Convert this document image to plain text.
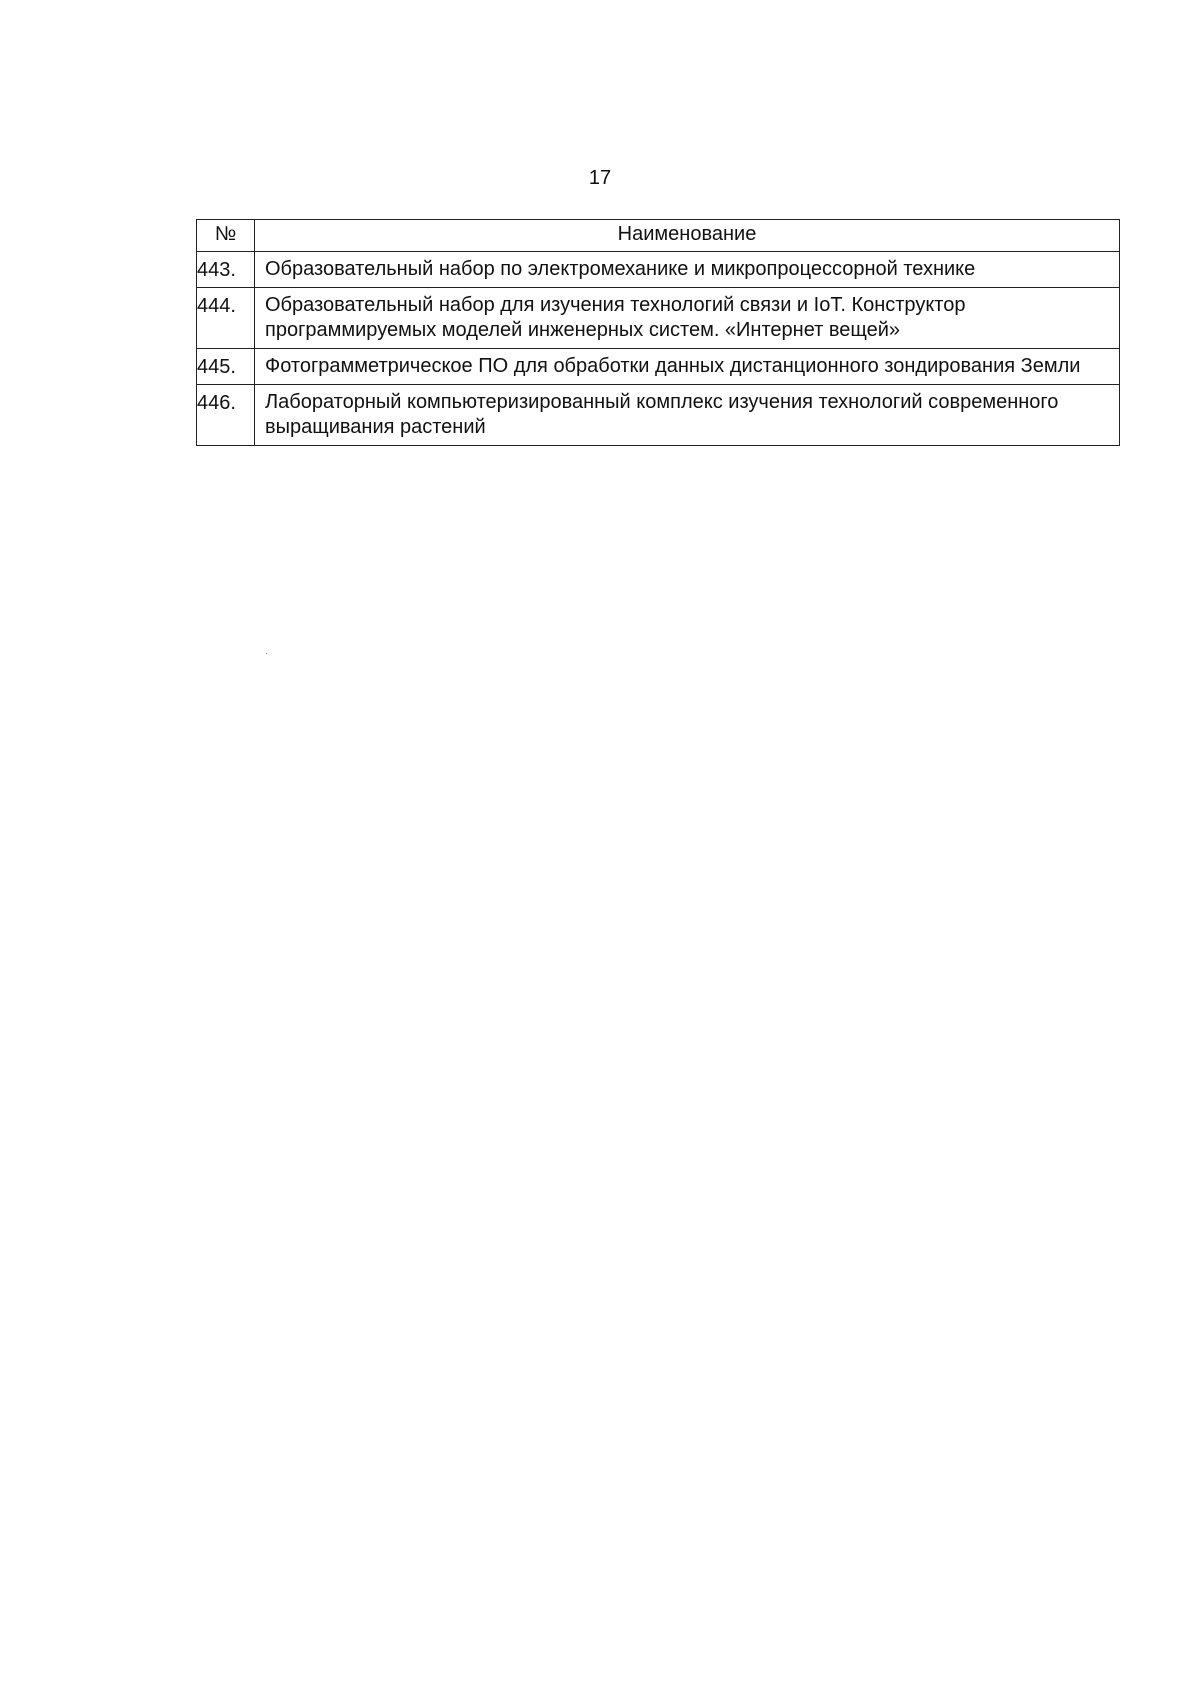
17
№	Наименование
443.	Образовательный набор по электромеханике и микропроцессорной технике
444.	Образовательный набор для изучения технологий связи и IoT. Конструктор программируемых моделей инженерных систем. «Интернет вещей»
445.	Фотограмметрическое ПО для обработки данных дистанционного зондирования Земли
446.	Лабораторный компьютеризированный комплекс изучения технологий современного выращивания растений
